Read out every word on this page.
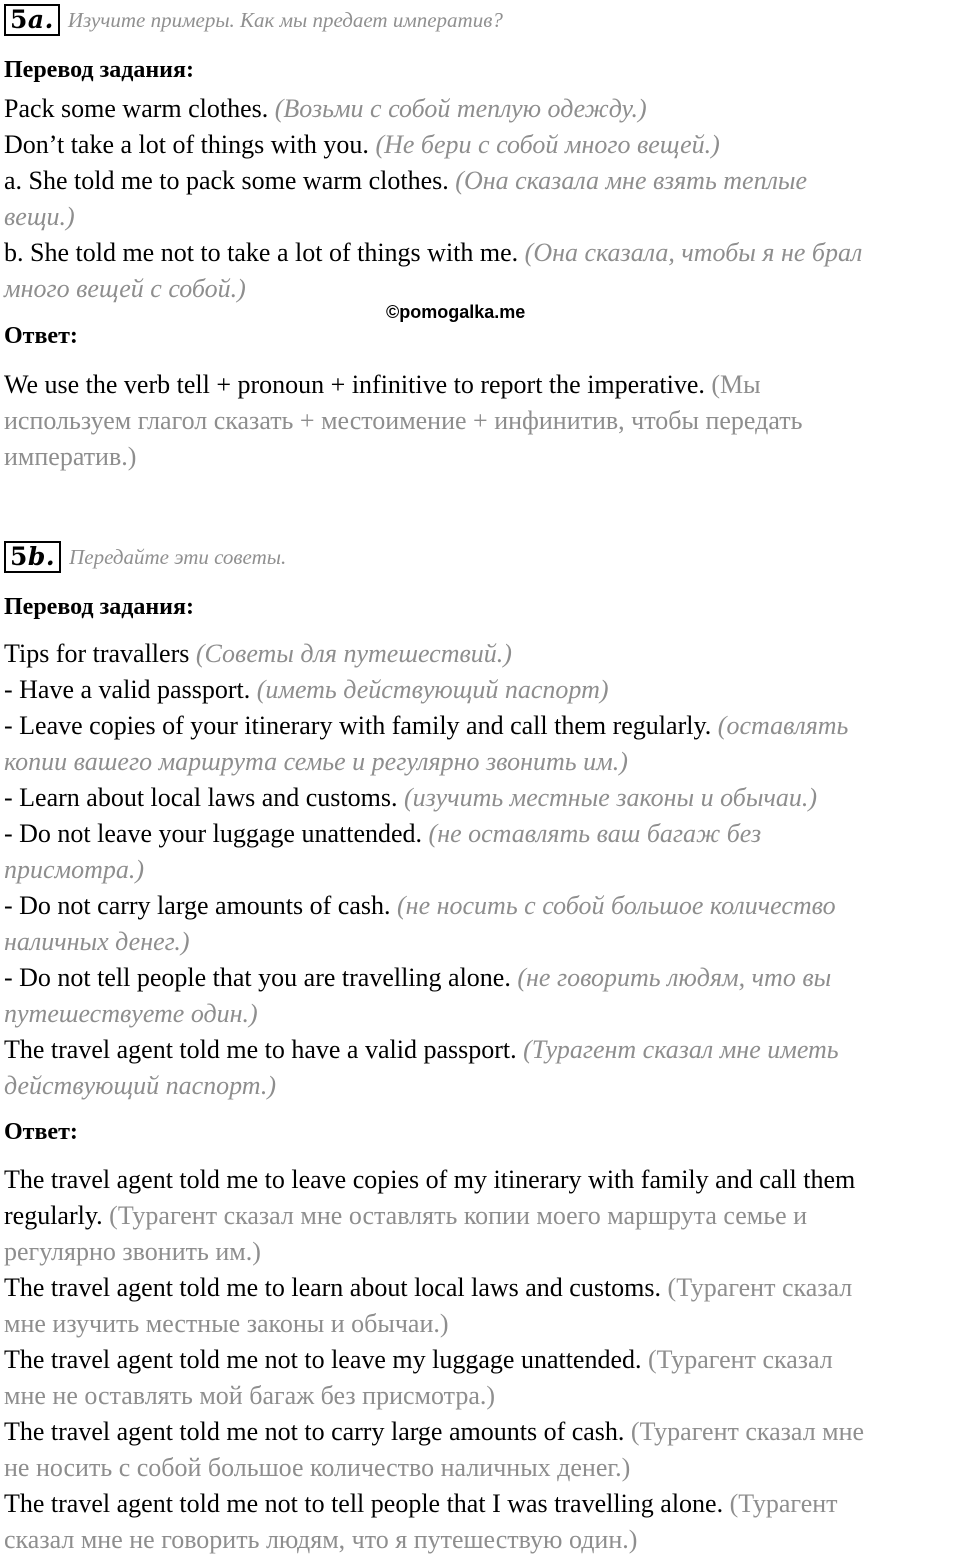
5a. Изучите примеры. Как мы предает императив?
Перевод задания:
Pack some warm clothes. (Возьми с собой теплую одежду.)
Don’t take a lot of things with you. (Не бери с собой много вещей.)
a. She told me to pack some warm clothes. (Она сказала мне взять теплые
вещи.)
b. She told me not to take a lot of things with me. (Она сказала, чтобы я не брал
много вещей с собой.)
©pomogalka.me
Ответ:
We use the verb tell + pronoun + infinitive to report the imperative. (Мы
используем глагол сказать + местоимение + инфинитив, чтобы передать
императив.)
5b. Передайте эти советы.
Перевод задания:
Tips for travallers (Советы для путешествий.)
- Have a valid passport. (иметь действующий паспорт)
- Leave copies of your itinerary with family and call them regularly. (оставлять
копии вашего маршрута семье и регулярно звонить им.)
- Learn about local laws and customs. (изучить местные законы и обычаи.)
- Do not leave your luggage unattended. (не оставлять ваш багаж без
присмотра.)
- Do not carry large amounts of cash. (не носить с собой большое количество
наличных денег.)
- Do not tell people that you are travelling alone. (не говорить людям, что вы
путешествуете один.)
The travel agent told me to have a valid passport. (Турагент сказал мне иметь
действующий паспорт.)
Ответ:
The travel agent told me to leave copies of my itinerary with family and call them
regularly. (Турагент сказал мне оставлять копии моего маршрута семье и
регулярно звонить им.)
The travel agent told me to learn about local laws and customs. (Турагент сказал
мне изучить местные законы и обычаи.)
The travel agent told me not to leave my luggage unattended. (Турагент сказал
мне не оставлять мой багаж без присмотра.)
The travel agent told me not to carry large amounts of cash. (Турагент сказал мне
не носить с собой большое количество наличных денег.)
The travel agent told me not to tell people that I was travelling alone. (Турагент
сказал мне не говорить людям, что я путешествую один.)
